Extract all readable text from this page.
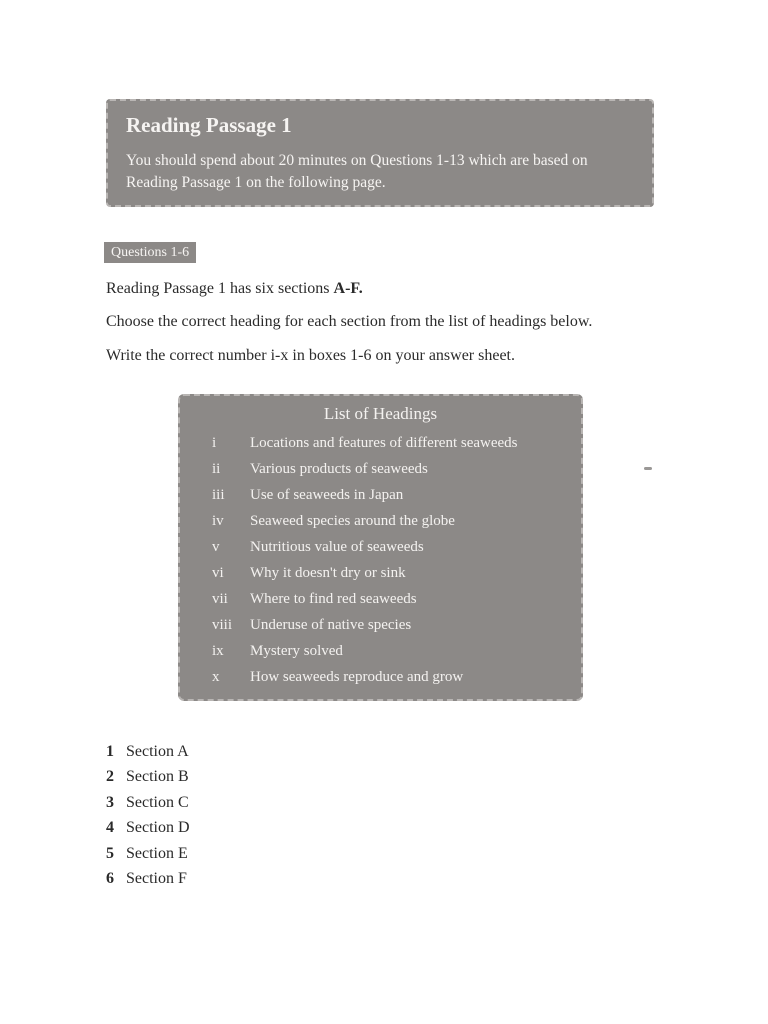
Reading Passage 1
You should spend about 20 minutes on Questions 1-13 which are based on
Reading Passage 1 on the following page.
Questions 1-6
Reading Passage 1 has six sections A-F.
Choose the correct heading for each section from the list of headings below.
Write the correct number i-x in boxes 1-6 on your answer sheet.
List of Headings
i	Locations and features of different seaweeds
ii	Various products of seaweeds
iii	Use of seaweeds in Japan
iv	Seaweed species around the globe
v	Nutritious value of seaweeds
vi	Why it doesn't dry or sink
vii	Where to find red seaweeds
viii	Underuse of native species
ix	Mystery solved
x	How seaweeds reproduce and grow
1 Section A
2 Section B
3 Section C
4 Section D
5 Section E
6 Section F
